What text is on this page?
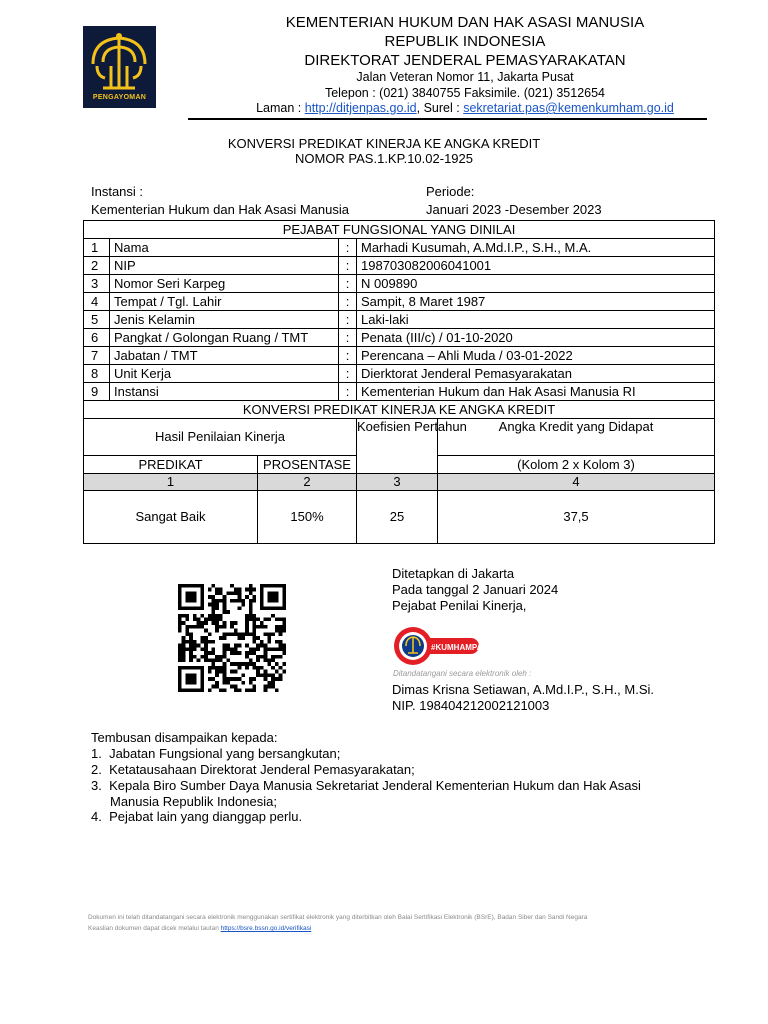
PENGAYOMAN
KEMENTERIAN HUKUM DAN HAK ASASI MANUSIA
REPUBLIK INDONESIA
DIREKTORAT JENDERAL PEMASYARAKATAN
Jalan Veteran Nomor 11, Jakarta Pusat
Telepon : (021) 3840755 Faksimile. (021) 3512654
Laman : http://ditjenpas.go.id, Surel : sekretariat.pas@kemenkumham.go.id
KONVERSI PREDIKAT KINERJA KE ANGKA KREDIT
NOMOR PAS.1.KP.10.02-1925
Instansi :
Kementerian Hukum dan Hak Asasi Manusia
Periode:
Januari 2023 -Desember 2023
PEJABAT FUNGSIONAL YANG DINILAI					
1	Nama		:	Marhadi Kusumah, A.Md.I.P., S.H., M.A.	
2	NIP		:	198703082006041001	
3	Nomor Seri Karpeg		:	N 009890	
4	Tempat / Tgl. Lahir		:	Sampit, 8 Maret 1987	
5	Jenis Kelamin		:	Laki-laki	
6	Pangkat / Golongan Ruang / TMT		:	Penata (III/c) / 01-10-2020	
7	Jabatan / TMT		:	Perencana – Ahli Muda / 03-01-2022	
8	Unit Kerja		:	Dierktorat Jenderal Pemasyarakatan	
9	Instansi		:	Kementerian Hukum dan Hak Asasi Manusia RI	
KONVERSI PREDIKAT KINERJA KE ANGKA KREDIT					
Hasil Penilaian Kinerja				Koefisien Pertahun	Angka Kredit yang Didapat
PREDIKAT		PROSENTASE			(Kolom 2 x Kolom 3)
1		2		3	4
Sangat Baik		150%		25	37,5
Ditetapkan di Jakarta
Pada tanggal 2 Januari 2024
Pejabat Penilai Kinerja,
#KUMHAMPASTI
Ditandatangani secara elektronik oleh :
Dimas Krisna Setiawan, A.Md.I.P., S.H., M.Si.
NIP. 198404212002121003
Tembusan disampaikan kepada:
1. Jabatan Fungsional yang bersangkutan;
2. Ketatausahaan Direktorat Jenderal Pemasyarakatan;
3. Kepala Biro Sumber Daya Manusia Sekretariat Jenderal Kementerian Hukum dan Hak Asasi
Manusia Republik Indonesia;
4. Pejabat lain yang dianggap perlu.
Dokumen ini telah ditandatangani secara elektronik menggunakan sertifikat elektronik yang diterbitkan oleh Balai Sertifikasi Elektronik (BSrE), Badan Siber dan Sandi Negara
Keaslian dokumen dapat dicek melalui tautan https://bsre.bssn.go.id/verifikasi
